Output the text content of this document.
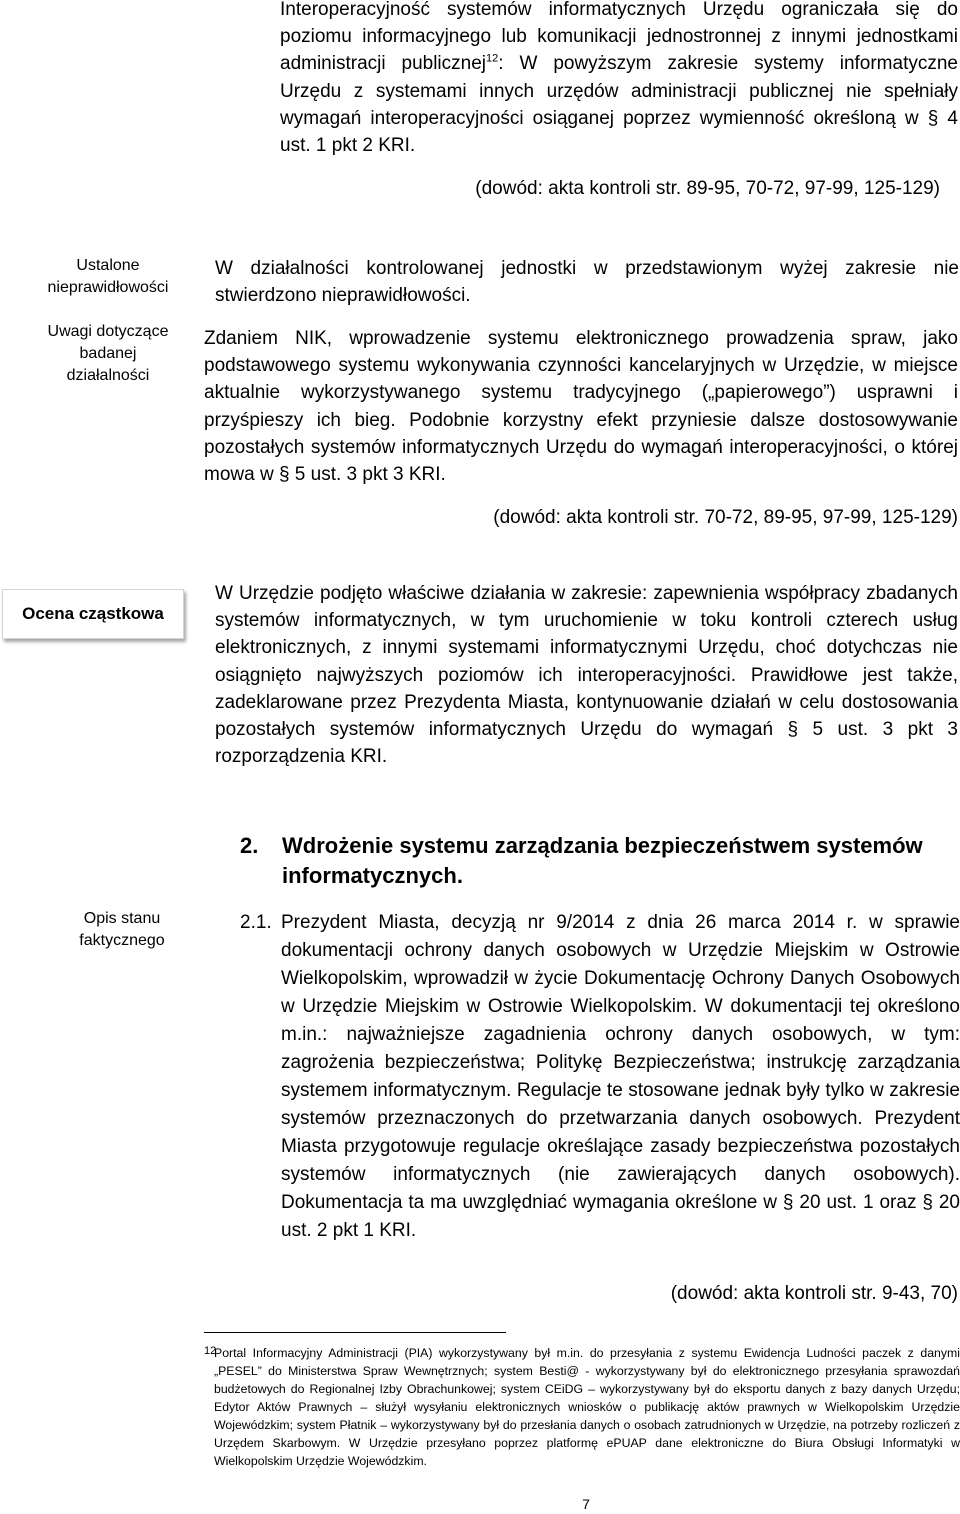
Interoperacyjność systemów informatycznych Urzędu ograniczała się do poziomu informacyjnego lub komunikacji jednostronnej z innymi jednostkami administracji publicznej$^{12}$: W powyższym zakresie systemy informatyczne Urzędu z systemami innych urzędów administracji publicznej nie spełniały wymagań interoperacyjności osiąganej poprzez wymienność określoną w § 4 ust. 1 pkt 2 KRI.
(dowód: akta kontroli str. 89-95, 70-72, 97-99, 125-129)
Ustalone nieprawidłowości
Uwagi dotyczące badanej działalności
Ocena cząstkowa
Opis stanu faktycznego
W działalności kontrolowanej jednostki w przedstawionym wyżej zakresie nie stwierdzono nieprawidłowości.
Zdaniem NIK, wprowadzenie systemu elektronicznego prowadzenia spraw, jako podstawowego systemu wykonywania czynności kancelaryjnych w Urzędzie, w miejsce aktualnie wykorzystywanego systemu tradycyjnego („papierowego”) usprawni i przyśpieszy ich bieg. Podobnie korzystny efekt przyniesie dalsze dostosowywanie pozostałych systemów informatycznych Urzędu do wymagań interoperacyjności, o której mowa w § 5 ust. 3 pkt 3 KRI.
(dowód: akta kontroli str. 70-72, 89-95, 97-99, 125-129)
W Urzędzie podjęto właściwe działania w zakresie: zapewnienia współpracy zbadanych systemów informatycznych, w tym uruchomienie w toku kontroli czterech usług elektronicznych, z innymi systemami informatycznymi Urzędu, choć dotychczas nie osiągnięto najwyższych poziomów ich interoperacyjności. Prawidłowe jest także, zadeklarowane przez Prezydenta Miasta, kontynuowanie działań w celu dostosowania pozostałych systemów informatycznych Urzędu do wymagań § 5 ust. 3 pkt 3 rozporządzenia KRI.
2. Wdrożenie systemu zarządzania bezpieczeństwem systemów informatycznych.
2.1. Prezydent Miasta, decyzją nr 9/2014 z dnia 26 marca 2014 r. w sprawie dokumentacji ochrony danych osobowych w Urzędzie Miejskim w Ostrowie Wielkopolskim, wprowadził w życie Dokumentację Ochrony Danych Osobowych w Urzędzie Miejskim w Ostrowie Wielkopolskim. W dokumentacji tej określono m.in.: najważniejsze zagadnienia ochrony danych osobowych, w tym: zagrożenia bezpieczeństwa; Politykę Bezpieczeństwa; instrukcję zarządzania systemem informatycznym. Regulacje te stosowane jednak były tylko w zakresie systemów przeznaczonych do przetwarzania danych osobowych. Prezydent Miasta przygotowuje regulacje określające zasady bezpieczeństwa pozostałych systemów informatycznych (nie zawierających danych osobowych). Dokumentacja ta ma uwzględniać wymagania określone w § 20 ust. 1 oraz § 20 ust. 2 pkt 1 KRI.
(dowód: akta kontroli str. 9-43, 70)
12
Portal Informacyjny Administracji (PIA) wykorzystywany był m.in. do przesyłania z systemu Ewidencja Ludności paczek z danymi „PESEL” do Ministerstwa Spraw Wewnętrznych; system Besti@ - wykorzystywany był do elektronicznego przesyłania sprawozdań budżetowych do Regionalnej Izby Obrachunkowej; system CEiDG – wykorzystywany był do eksportu danych z bazy danych Urzędu; Edytor Aktów Prawnych – służył wysyłaniu elektronicznych wniosków o publikację aktów prawnych w Wielkopolskim Urzędzie Wojewódzkim; system Płatnik – wykorzystywany był do przesłania danych o osobach zatrudnionych w Urzędzie, na potrzeby rozliczeń z Urzędem Skarbowym. W Urzędzie przesyłano poprzez platformę ePUAP dane elektroniczne do Biura Obsługi Informatyki w Wielkopolskim Urzędzie Wojewódzkim.
7
